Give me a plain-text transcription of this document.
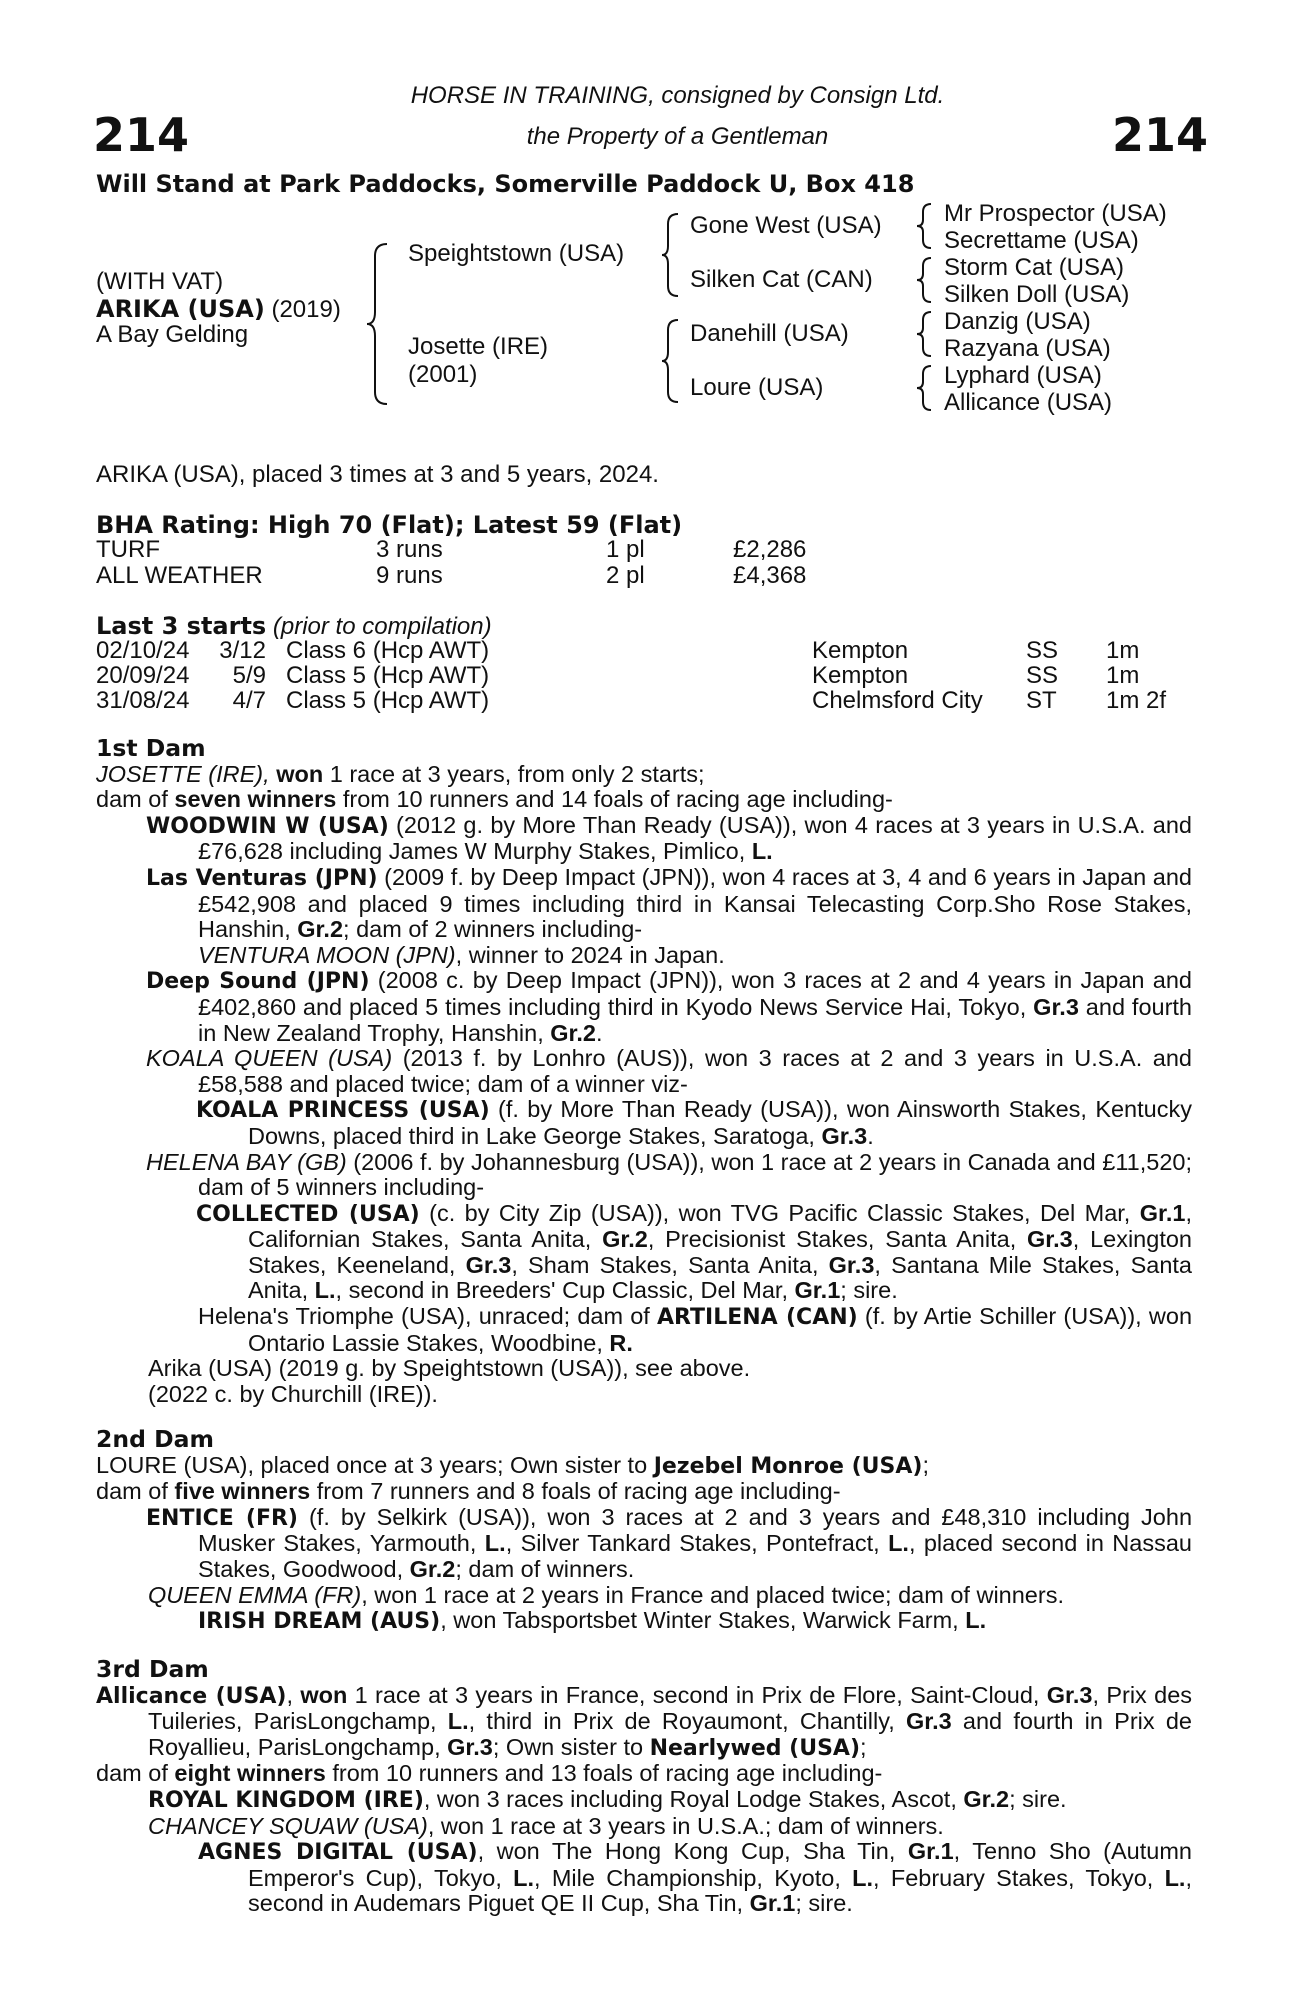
214	214
HORSE IN TRAINING, consigned by Consign Ltd.
the Property of a Gentleman
Will Stand at Park Paddocks, Somerville Paddock U, Box 418
(WITH VAT)
ARIKA (USA) (2019)
A Bay Gelding
Speightstown (USA)
Josette (IRE)
(2001)
Gone West (USA)
Silken Cat (CAN)
Danehill (USA)
Loure (USA)
Mr Prospector (USA)
Secrettame (USA)
Storm Cat (USA)
Silken Doll (USA)
Danzig (USA)
Razyana (USA)
Lyphard (USA)
Allicance (USA)
ARIKA (USA), placed 3 times at 3 and 5 years, 2024.
BHA Rating: High 70 (Flat); Latest 59 (Flat)
TURF	3 runs	1 pl	£2,286
ALL WEATHER	9 runs	2 pl	£4,368
Last 3 starts (prior to compilation)
02/10/24 3/12 Class 6 (Hcp AWT)	Kempton	SS 1m
20/09/24	5/9 Class 5 (Hcp AWT)	Kempton	SS 1m
31/08/24	4/7 Class 5 (Hcp AWT)	Chelmsford City ST 1m 2f

1st Dam

JOSETTE (IRE), won 1 race at 3 years, from only 2 starts;

dam of seven winners from 10 runners and 14 foals of racing age including-

WOODWIN W (USA) (2012 g. by More Than Ready (USA)), won 4 races at 3 years in U.S.A. and £76,628 including James W Murphy Stakes, Pimlico, L.

Las Venturas (JPN) (2009 f. by Deep Impact (JPN)), won 4 races at 3, 4 and 6 years in Japan and £542,908 and placed 9 times including third in Kansai Telecasting Corp.Sho Rose Stakes, Hanshin, Gr.2; dam of 2 winners including-

VENTURA MOON (JPN), winner to 2024 in Japan.

Deep Sound (JPN) (2008 c. by Deep Impact (JPN)), won 3 races at 2 and 4 years in Japan and £402,860 and placed 5 times including third in Kyodo News Service Hai, Tokyo, Gr.3 and fourth in New Zealand Trophy, Hanshin, Gr.2.

KOALA QUEEN (USA) (2013 f. by Lonhro (AUS)), won 3 races at 2 and 3 years in U.S.A. and £58,588 and placed twice; dam of a winner viz-

KOALA PRINCESS (USA) (f. by More Than Ready (USA)), won Ainsworth Stakes, Kentucky Downs, placed third in Lake George Stakes, Saratoga, Gr.3.

HELENA BAY (GB) (2006 f. by Johannesburg (USA)), won 1 race at 2 years in Canada and £11,520; dam of 5 winners including-

COLLECTED (USA) (c. by City Zip (USA)), won TVG Pacific Classic Stakes, Del Mar, Gr.1, Californian Stakes, Santa Anita, Gr.2, Precisionist Stakes, Santa Anita, Gr.3, Lexington Stakes, Keeneland, Gr.3, Sham Stakes, Santa Anita, Gr.3, Santana Mile Stakes, Santa Anita, L., second in Breeders' Cup Classic, Del Mar, Gr.1; sire.

Helena's Triomphe (USA), unraced; dam of ARTILENA (CAN) (f. by Artie Schiller (USA)), won Ontario Lassie Stakes, Woodbine, R.

Arika (USA) (2019 g. by Speightstown (USA)), see above.

(2022 c. by Churchill (IRE)).

2nd Dam

LOURE (USA), placed once at 3 years; Own sister to Jezebel Monroe (USA);

dam of five winners from 7 runners and 8 foals of racing age including-

ENTICE (FR) (f. by Selkirk (USA)), won 3 races at 2 and 3 years and £48,310 including John Musker Stakes, Yarmouth, L., Silver Tankard Stakes, Pontefract, L., placed second in Nassau Stakes, Goodwood, Gr.2; dam of winners.

QUEEN EMMA (FR), won 1 race at 2 years in France and placed twice; dam of winners.

IRISH DREAM (AUS), won Tabsportsbet Winter Stakes, Warwick Farm, L.

3rd Dam

Allicance (USA), won 1 race at 3 years in France, second in Prix de Flore, Saint-Cloud, Gr.3, Prix des Tuileries, ParisLongchamp, L., third in Prix de Royaumont, Chantilly, Gr.3 and fourth in Prix de Royallieu, ParisLongchamp, Gr.3; Own sister to Nearlywed (USA);

dam of eight winners from 10 runners and 13 foals of racing age including-

ROYAL KINGDOM (IRE), won 3 races including Royal Lodge Stakes, Ascot, Gr.2; sire.

CHANCEY SQUAW (USA), won 1 race at 3 years in U.S.A.; dam of winners.

AGNES DIGITAL (USA), won The Hong Kong Cup, Sha Tin, Gr.1, Tenno Sho (Autumn Emperor's Cup), Tokyo, L., Mile Championship, Kyoto, L., February Stakes, Tokyo, L., second in Audemars Piguet QE II Cup, Sha Tin, Gr.1; sire.
